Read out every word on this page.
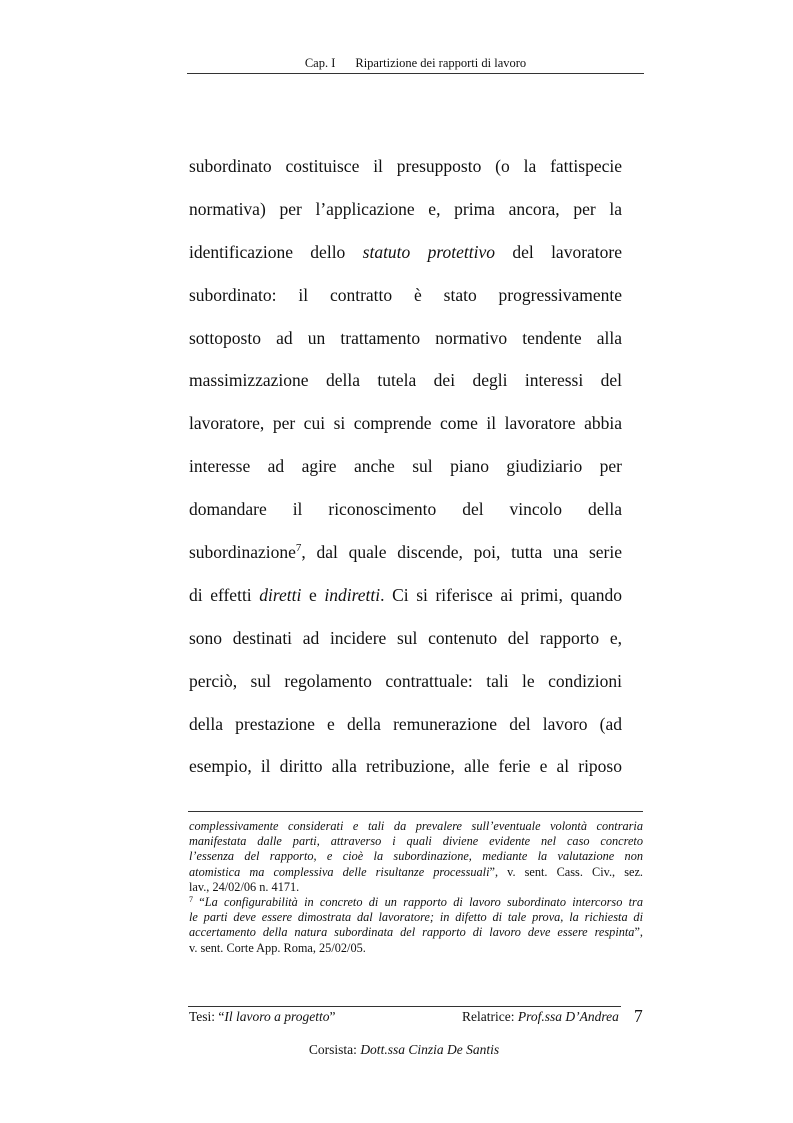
Cap. I Ripartizione dei rapporti di lavoro
subordinato costituisce il presupposto (o la fattispecie
normativa) per l’applicazione e, prima ancora, per la
identificazione dello statuto protettivo del lavoratore
subordinato: il contratto è stato progressivamente
sottoposto ad un trattamento normativo tendente alla
massimizzazione della tutela dei degli interessi del
lavoratore, per cui si comprende come il lavoratore abbia
interesse ad agire anche sul piano giudiziario per
domandare il riconoscimento del vincolo della
subordinazione$^7$, dal quale discende, poi, tutta una serie
di effetti diretti e indiretti. Ci si riferisce ai primi, quando
sono destinati ad incidere sul contenuto del rapporto e,
perciò, sul regolamento contrattuale: tali le condizioni
della prestazione e della remunerazione del lavoro (ad
esempio, il diritto alla retribuzione, alle ferie e al riposo
complessivamente considerati e tali da prevalere sull’eventuale volontà contraria
manifestata dalle parti, attraverso i quali diviene evidente nel caso concreto
l’essenza del rapporto, e cioè la subordinazione, mediante la valutazione non
atomistica ma complessiva delle risultanze processuali”, v. sent. Cass. Civ., sez.
lav., 24/02/06 n. 4171.
$^7$ “La configurabilità in concreto di un rapporto di lavoro subordinato intercorso tra
le parti deve essere dimostrata dal lavoratore; in difetto di tale prova, la richiesta di
accertamento della natura subordinata del rapporto di lavoro deve essere respinta”,
v. sent. Corte App. Roma, 25/02/05.
Tesi: “Il lavoro a progetto”	Relatrice: Prof.ssa D’Andrea 7
Corsista: Dott.ssa Cinzia De Santis
